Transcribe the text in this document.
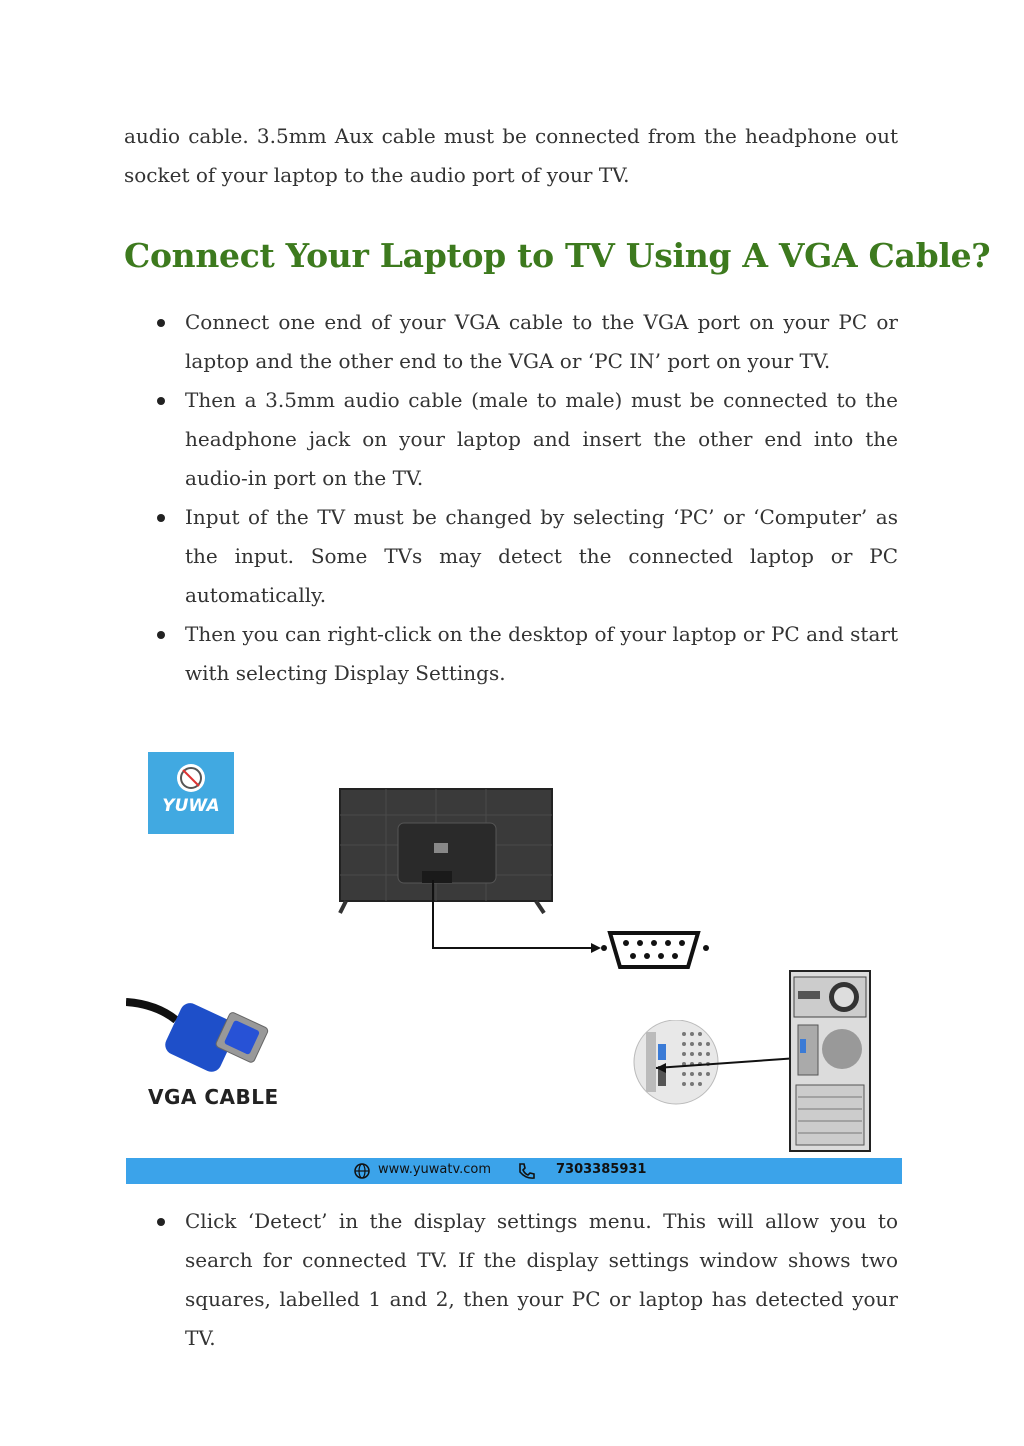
audio cable. 3.5mm Aux cable must be connected from the headphone out socket of your laptop to the audio port of your TV.

Connect Your Laptop to TV Using A VGA Cable?
Connect one end of your VGA cable to the VGA port on your PC or laptop and the other end to the VGA or ‘PC IN’ port on your TV.
Then a 3.5mm audio cable (male to male) must be connected to the headphone jack on your laptop and insert the other end into the audio-in port on the TV.
Input of the TV must be changed by selecting ‘PC’ or ‘Computer’ as the input. Some TVs may detect the connected laptop or PC automatically.
Then you can right-click on the desktop of your laptop or PC and start with selecting Display Settings.
YUWA
VGA CABLE
www.yuwatv.com	7303385931
Click ‘Detect’ in the display settings menu. This will allow you to search for connected TV. If the display settings window shows two squares, labelled 1 and 2, then your PC or laptop has detected your TV.
